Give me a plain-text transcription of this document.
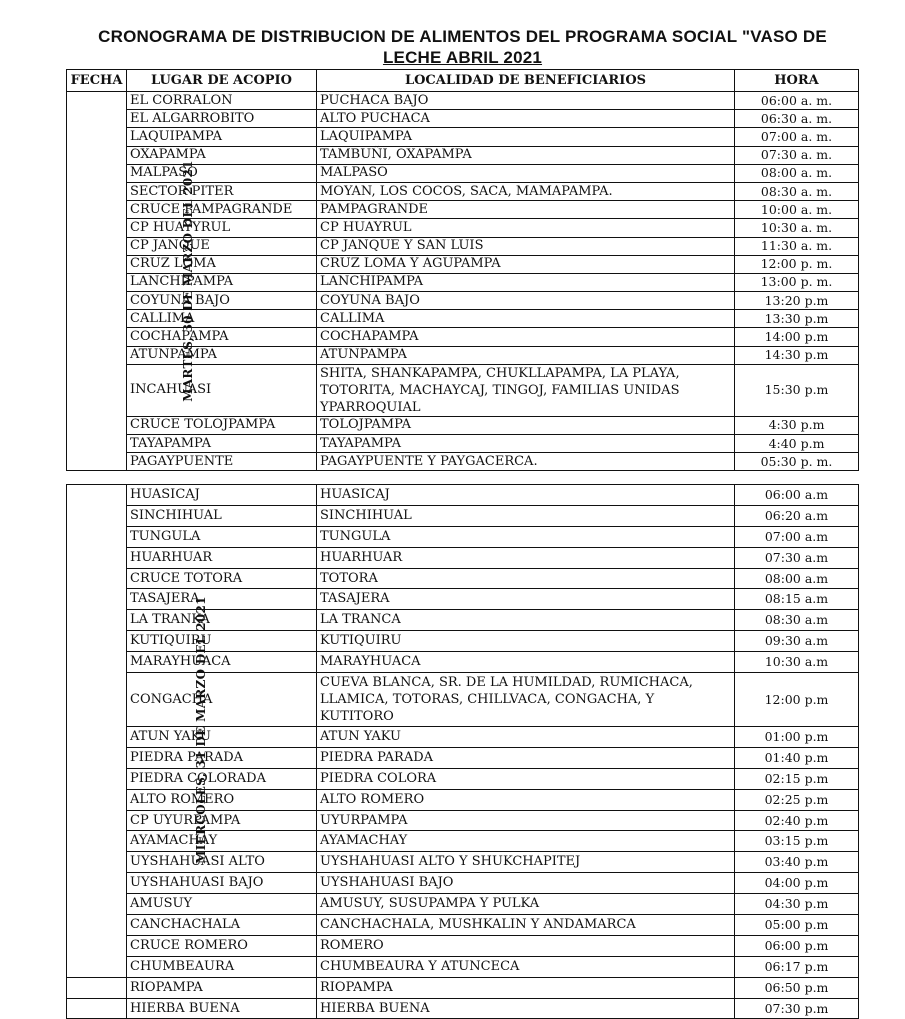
CRONOGRAMA DE DISTRIBUCION DE ALIMENTOS DEL PROGRAMA SOCIAL "VASO DE
LECHE ABRIL 2021
FECHA	LUGAR DE ACOPIO	LOCALIDAD DE BENEFICIARIOS	HORA
MARTES, 30 DE MARZO DEL 2021	EL CORRALON	PUCHACA BAJO	06:00 a. m.
	EL ALGARROBITO	ALTO PUCHACA	06:30 a. m.
	LAQUIPAMPA	LAQUIPAMPA	07:00 a. m.
	OXAPAMPA	TAMBUÑI, OXAPAMPA	07:30 a. m.
	MALPASO	MALPASO	08:00 a. m.
	SECTOR PITER	MOYAN, LOS COCOS, SACA, MAMAPAMPA.	08:30 a. m.
	CRUCE PAMPAGRANDE	PAMPAGRANDE	10:00 a. m.
	CP HUAYYRUL	CP HUAYRUL	10:30 a. m.
	CP JANQUE	CP JANQUE Y SAN LUIS	11:30 a. m.
	CRUZ LOMA	CRUZ LOMA Y AGUPAMPA	12:00 p. m.
	LANCHIPAMPA	LANCHIPAMPA	13:00 p. m.
	COYUNA BAJO	COYUNA BAJO	13:20 p.m
	CALLIMA	CALLIMA	13:30 p.m
	COCHAPAMPA	COCHAPAMPA	14:00 p.m
	ATUNPAMPA	ATUNPAMPA	14:30 p.m
	INCAHUASI	SHITA, SHANKAPAMPA, CHUKLLAPAMPA, LA PLAYA, TOTORITA, MACHAYCAJ, TINGOJ, FAMILIAS UNIDAS YPARROQUIAL	15:30 p.m
	CRUCE TOLOJPAMPA	TOLOJPAMPA	4:30 p.m
	TAYAPAMPA	TAYAPAMPA	4:40 p.m
	PAGAYPUENTE	PAGAYPUENTE Y PAYGACERCA.	05:30 p. m.
MIERCOLES, 31 DE MARZO DEL 2021	HUASICAJ	HUASICAJ	06:00 a.m
	SINCHIHUAL	SINCHIHUAL	06:20 a.m
	TUNGULA	TUNGULA	07:00 a.m
	HUARHUAR	HUARHUAR	07:30 a.m
	CRUCE TOTORA	TOTORA	08:00 a.m
	TASAJERA	TASAJERA	08:15 a.m
	LA TRANKA	LA TRANCA	08:30 a.m
	KUTIQUIRU	KUTIQUIRU	09:30 a.m
	MARAYHUACA	MARAYHUACA	10:30 a.m
	CONGACHA	CUEVA BLANCA, SR. DE LA HUMILDAD, RUMICHACA, LLAMICA, TOTORAS, CHILLVACA, CONGACHA, Y KUTITORO	12:00 p.m
	ATUN YAKU	ATUN YAKU	01:00 p.m
	PIEDRA PARADA	PIEDRA PARADA	01:40 p.m
	PIEDRA COLORADA	PIEDRA COLORA	02:15 p.m
	ALTO ROMERO	ALTO ROMERO	02:25 p.m
	CP UYURPAMPA	UYURPAMPA	02:40 p.m
	AYAMACHAY	AYAMACHAY	03:15 p.m
	UYSHAHUASI ALTO	UYSHAHUASI ALTO Y SHUKCHAPITEJ	03:40 p.m
	UYSHAHUASI BAJO	UYSHAHUASI BAJO	04:00 p.m
	AMUSUY	AMUSUY, SUSUPAMPA Y PULKA	04:30 p.m
	CANCHACHALA	CANCHACHALA, MUSHKALIN Y ANDAMARCA	05:00 p.m
	CRUCE ROMERO	ROMERO	06:00 p.m
	CHUMBEAURA	CHUMBEAURA Y ATUNCECA	06:17 p.m
	RIOPAMPA	RIOPAMPA	06:50 p.m
	HIERBA BUENA	HIERBA BUENA	07:30 p.m
